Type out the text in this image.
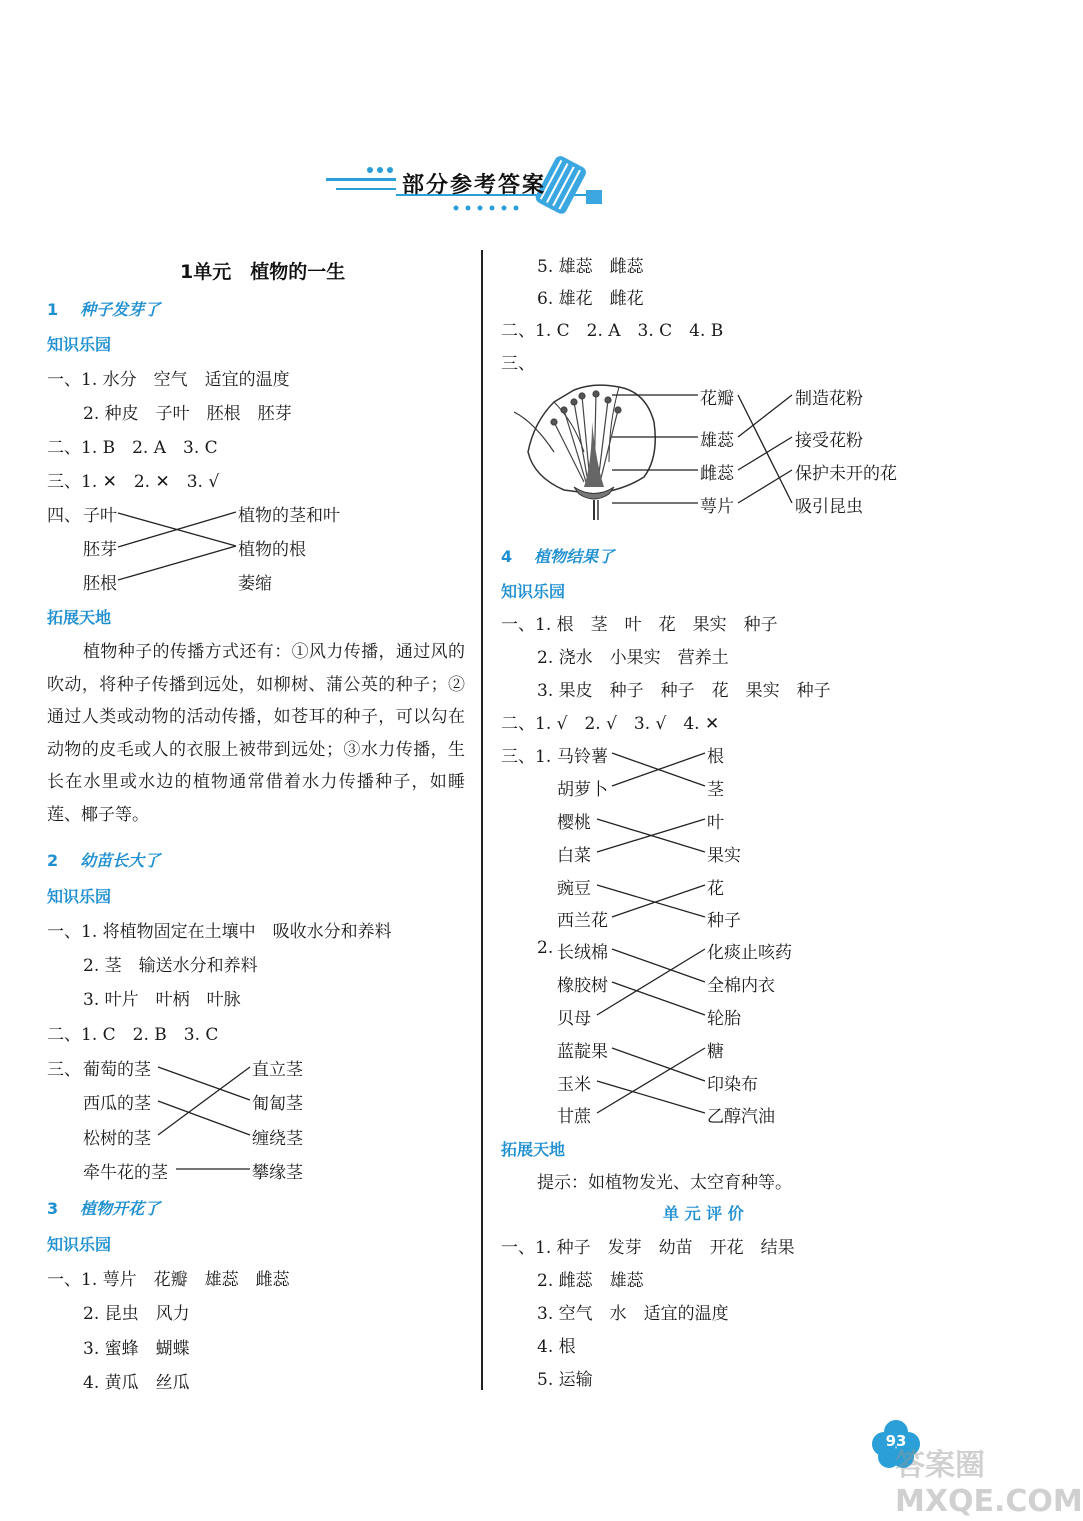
部分参考答案
1单元　植物的一生
1 种子发芽了
知识乐园
一、1. 水分　空气　适宜的温度
2. 种皮　子叶　胚根　胚芽
二、1. B　2. A　3. C
三、1. ✕　2. ✕　3. √
四、 子叶
胚芽
胚根
植物的茎和叶
植物的根
萎缩
拓展天地
植物种子的传播方式还有：①风力传播，通过风的吹动，将种子传播到远处，如柳树、蒲公英的种子；②通过人类或动物的活动传播，如苍耳的种子，可以勾在动物的皮毛或人的衣服上被带到远处；③水力传播，生长在水里或水边的植物通常借着水力传播种子，如睡莲、椰子等。
2 幼苗长大了
知识乐园
一、1. 将植物固定在土壤中　吸收水分和养料
2. 茎　输送水分和养料
3. 叶片　叶柄　叶脉
二、1. C　2. B　3. C
三、 葡萄的茎
西瓜的茎
松树的茎
牵牛花的茎
直立茎
匍匐茎
缠绕茎
攀缘茎
3 植物开花了
知识乐园
一、1. 萼片　花瓣　雄蕊　雌蕊
2. 昆虫　风力
3. 蜜蜂　蝴蝶
4. 黄瓜　丝瓜
5. 雄蕊　雌蕊
6. 雄花　雌花
二、1. C　2. A　3. C　4. B
三、
花瓣
雄蕊
雌蕊
萼片
制造花粉
接受花粉
保护未开的花
吸引昆虫
4 植物结果了
知识乐园
一、1. 根　茎　叶　花　果实　种子
2. 浇水　小果实　营养土
3. 果皮　种子　种子　花　果实　种子
二、1. √　2. √　3. √　4. ✕
三、1. 马铃薯
胡萝卜
樱桃
白菜
豌豆
西兰花
根
茎
叶
果实
花
种子
2. 长绒棉
橡胶树
贝母
蓝靛果
玉米
甘蔗
化痰止咳药
全棉内衣
轮胎
糖
印染布
乙醇汽油
拓展天地
提示：如植物发光、太空育种等。
单 元 评 价
一、1. 种子　发芽　幼苗　开花　结果
2. 雌蕊　雄蕊
3. 空气　水　适宜的温度
4. 根
5. 运输
93
答案圈 MXQE.COM
